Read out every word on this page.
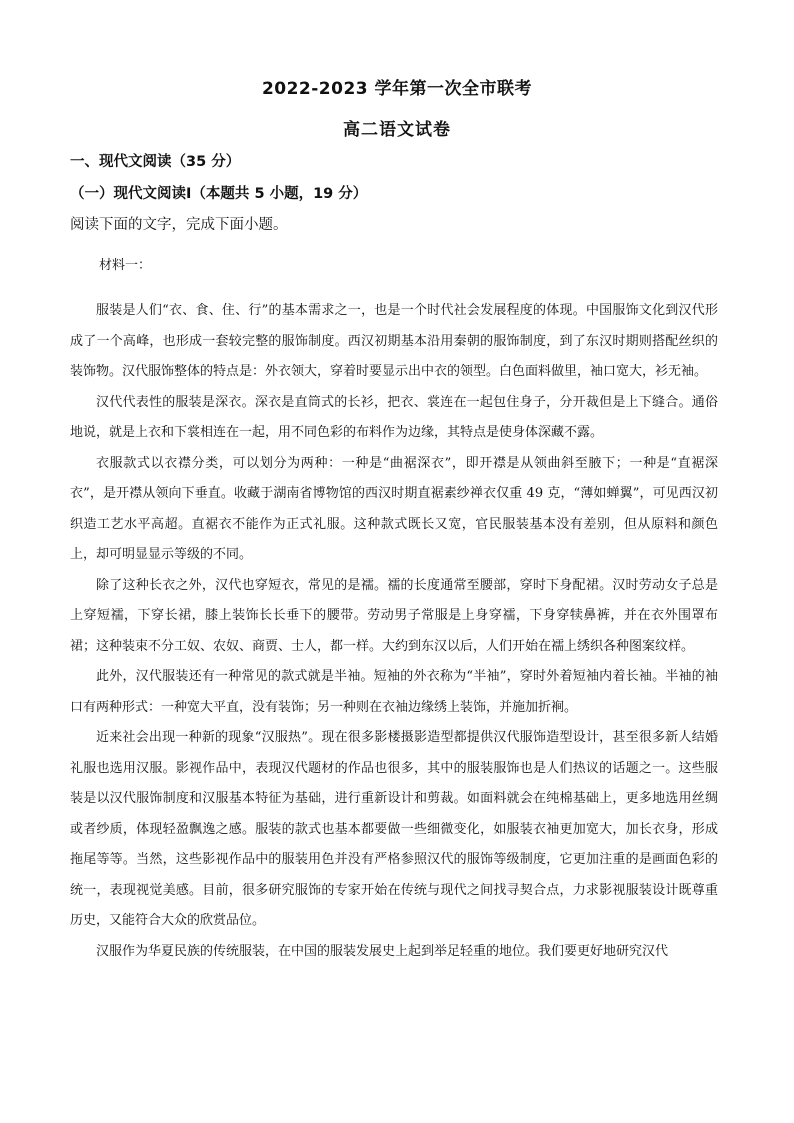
2022-2023 学年第一次全市联考
高二语文试卷
一、现代文阅读（35 分）
（一）现代文阅读Ⅰ（本题共 5 小题，19 分）
阅读下面的文字，完成下面小题。
材料一：

服装是人们“衣、食、住、行”的基本需求之一，也是一个时代社会发展程度的体现。中国服饰文化到汉代形成了一个高峰，也形成一套较完整的服饰制度。西汉初期基本沿用秦朝的服饰制度，到了东汉时期则搭配丝织的装饰物。汉代服饰整体的特点是：外衣领大，穿着时要显示出中衣的领型。白色面料做里，袖口宽大，衫无袖。

汉代代表性的服装是深衣。深衣是直筒式的长衫，把衣、裳连在一起包住身子，分开裁但是上下缝合。通俗地说，就是上衣和下裳相连在一起，用不同色彩的布料作为边缘，其特点是使身体深藏不露。

衣服款式以衣襟分类，可以划分为两种：一种是“曲裾深衣”，即开襟是从领曲斜至腋下；一种是“直裾深衣”，是开襟从领向下垂直。收藏于湖南省博物馆的西汉时期直裾素纱禅衣仅重 49 克，“薄如蝉翼”，可见西汉初织造工艺水平高超。直裾衣不能作为正式礼服。这种款式既长又宽，官民服装基本没有差别，但从原料和颜色上，却可明显显示等级的不同。

除了这种长衣之外，汉代也穿短衣，常见的是襦。襦的长度通常至腰部，穿时下身配裙。汉时劳动女子总是上穿短襦，下穿长裙，膝上装饰长长垂下的腰带。劳动男子常服是上身穿襦，下身穿犊鼻裤，并在衣外围罩布裙；这种装束不分工奴、农奴、商贾、士人，都一样。大约到东汉以后，人们开始在襦上绣织各种图案纹样。

此外，汉代服装还有一种常见的款式就是半袖。短袖的外衣称为“半袖”，穿时外着短袖内着长袖。半袖的袖口有两种形式：一种宽大平直，没有装饰；另一种则在衣袖边缘绣上装饰，并施加折裥。

近来社会出现一种新的现象“汉服热”。现在很多影楼摄影造型都提供汉代服饰造型设计，甚至很多新人结婚礼服也选用汉服。影视作品中，表现汉代题材的作品也很多，其中的服装服饰也是人们热议的话题之一。这些服装是以汉代服饰制度和汉服基本特征为基础，进行重新设计和剪裁。如面料就会在纯棉基础上，更多地选用丝绸或者纱质，体现轻盈飘逸之感。服装的款式也基本都要做一些细微变化，如服装衣袖更加宽大，加长衣身，形成拖尾等等。当然，这些影视作品中的服装用色并没有严格参照汉代的服饰等级制度，它更加注重的是画面色彩的统一，表现视觉美感。目前，很多研究服饰的专家开始在传统与现代之间找寻契合点，力求影视服装设计既尊重历史，又能符合大众的欣赏品位。

汉服作为华夏民族的传统服装，在中国的服装发展史上起到举足轻重的地位。我们要更好地研究汉代
